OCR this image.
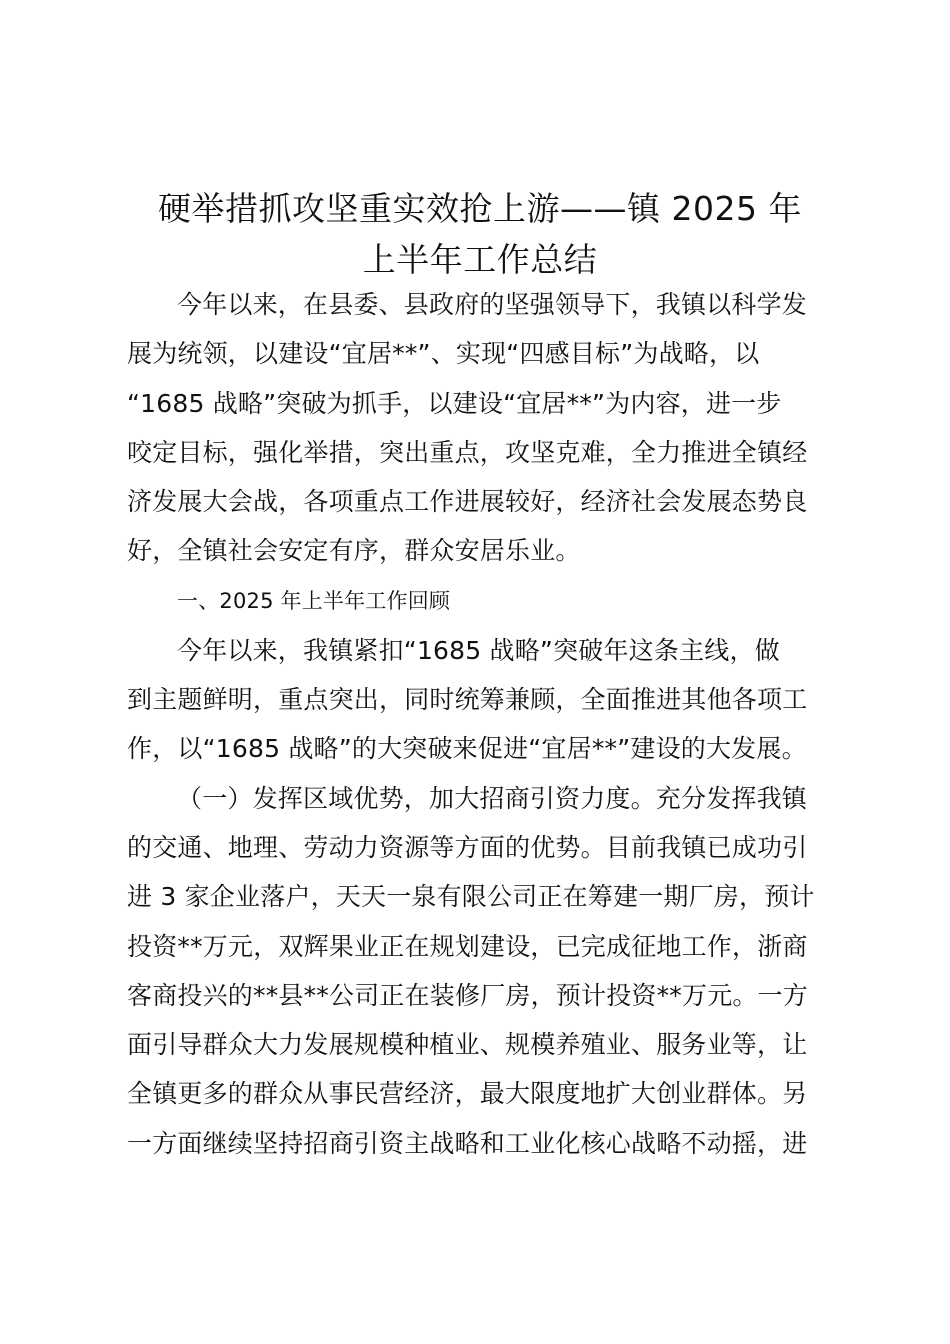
硬举措抓攻坚重实效抢上游——镇 2025 年
上半年工作总结
今年以来，在县委、县政府的坚强领导下，我镇以科学发
展为统领，以建设“宜居**”、实现“四感目标”为战略，以
“1685 战略”突破为抓手，以建设“宜居**”为内容，进一步
咬定目标，强化举措，突出重点，攻坚克难，全力推进全镇经
济发展大会战，各项重点工作进展较好，经济社会发展态势良
好，全镇社会安定有序，群众安居乐业。
一、2025 年上半年工作回顾
今年以来，我镇紧扣“1685 战略”突破年这条主线，做
到主题鲜明，重点突出，同时统筹兼顾，全面推进其他各项工
作，以“1685 战略”的大突破来促进“宜居**”建设的大发展。
（一）发挥区域优势，加大招商引资力度。充分发挥我镇
的交通、地理、劳动力资源等方面的优势。目前我镇已成功引
进 3 家企业落户，天天一泉有限公司正在筹建一期厂房，预计
投资**万元，双辉果业正在规划建设，已完成征地工作，浙商
客商投兴的**县**公司正在装修厂房，预计投资**万元。一方
面引导群众大力发展规模种植业、规模养殖业、服务业等，让
全镇更多的群众从事民营经济，最大限度地扩大创业群体。另
一方面继续坚持招商引资主战略和工业化核心战略不动摇，进
